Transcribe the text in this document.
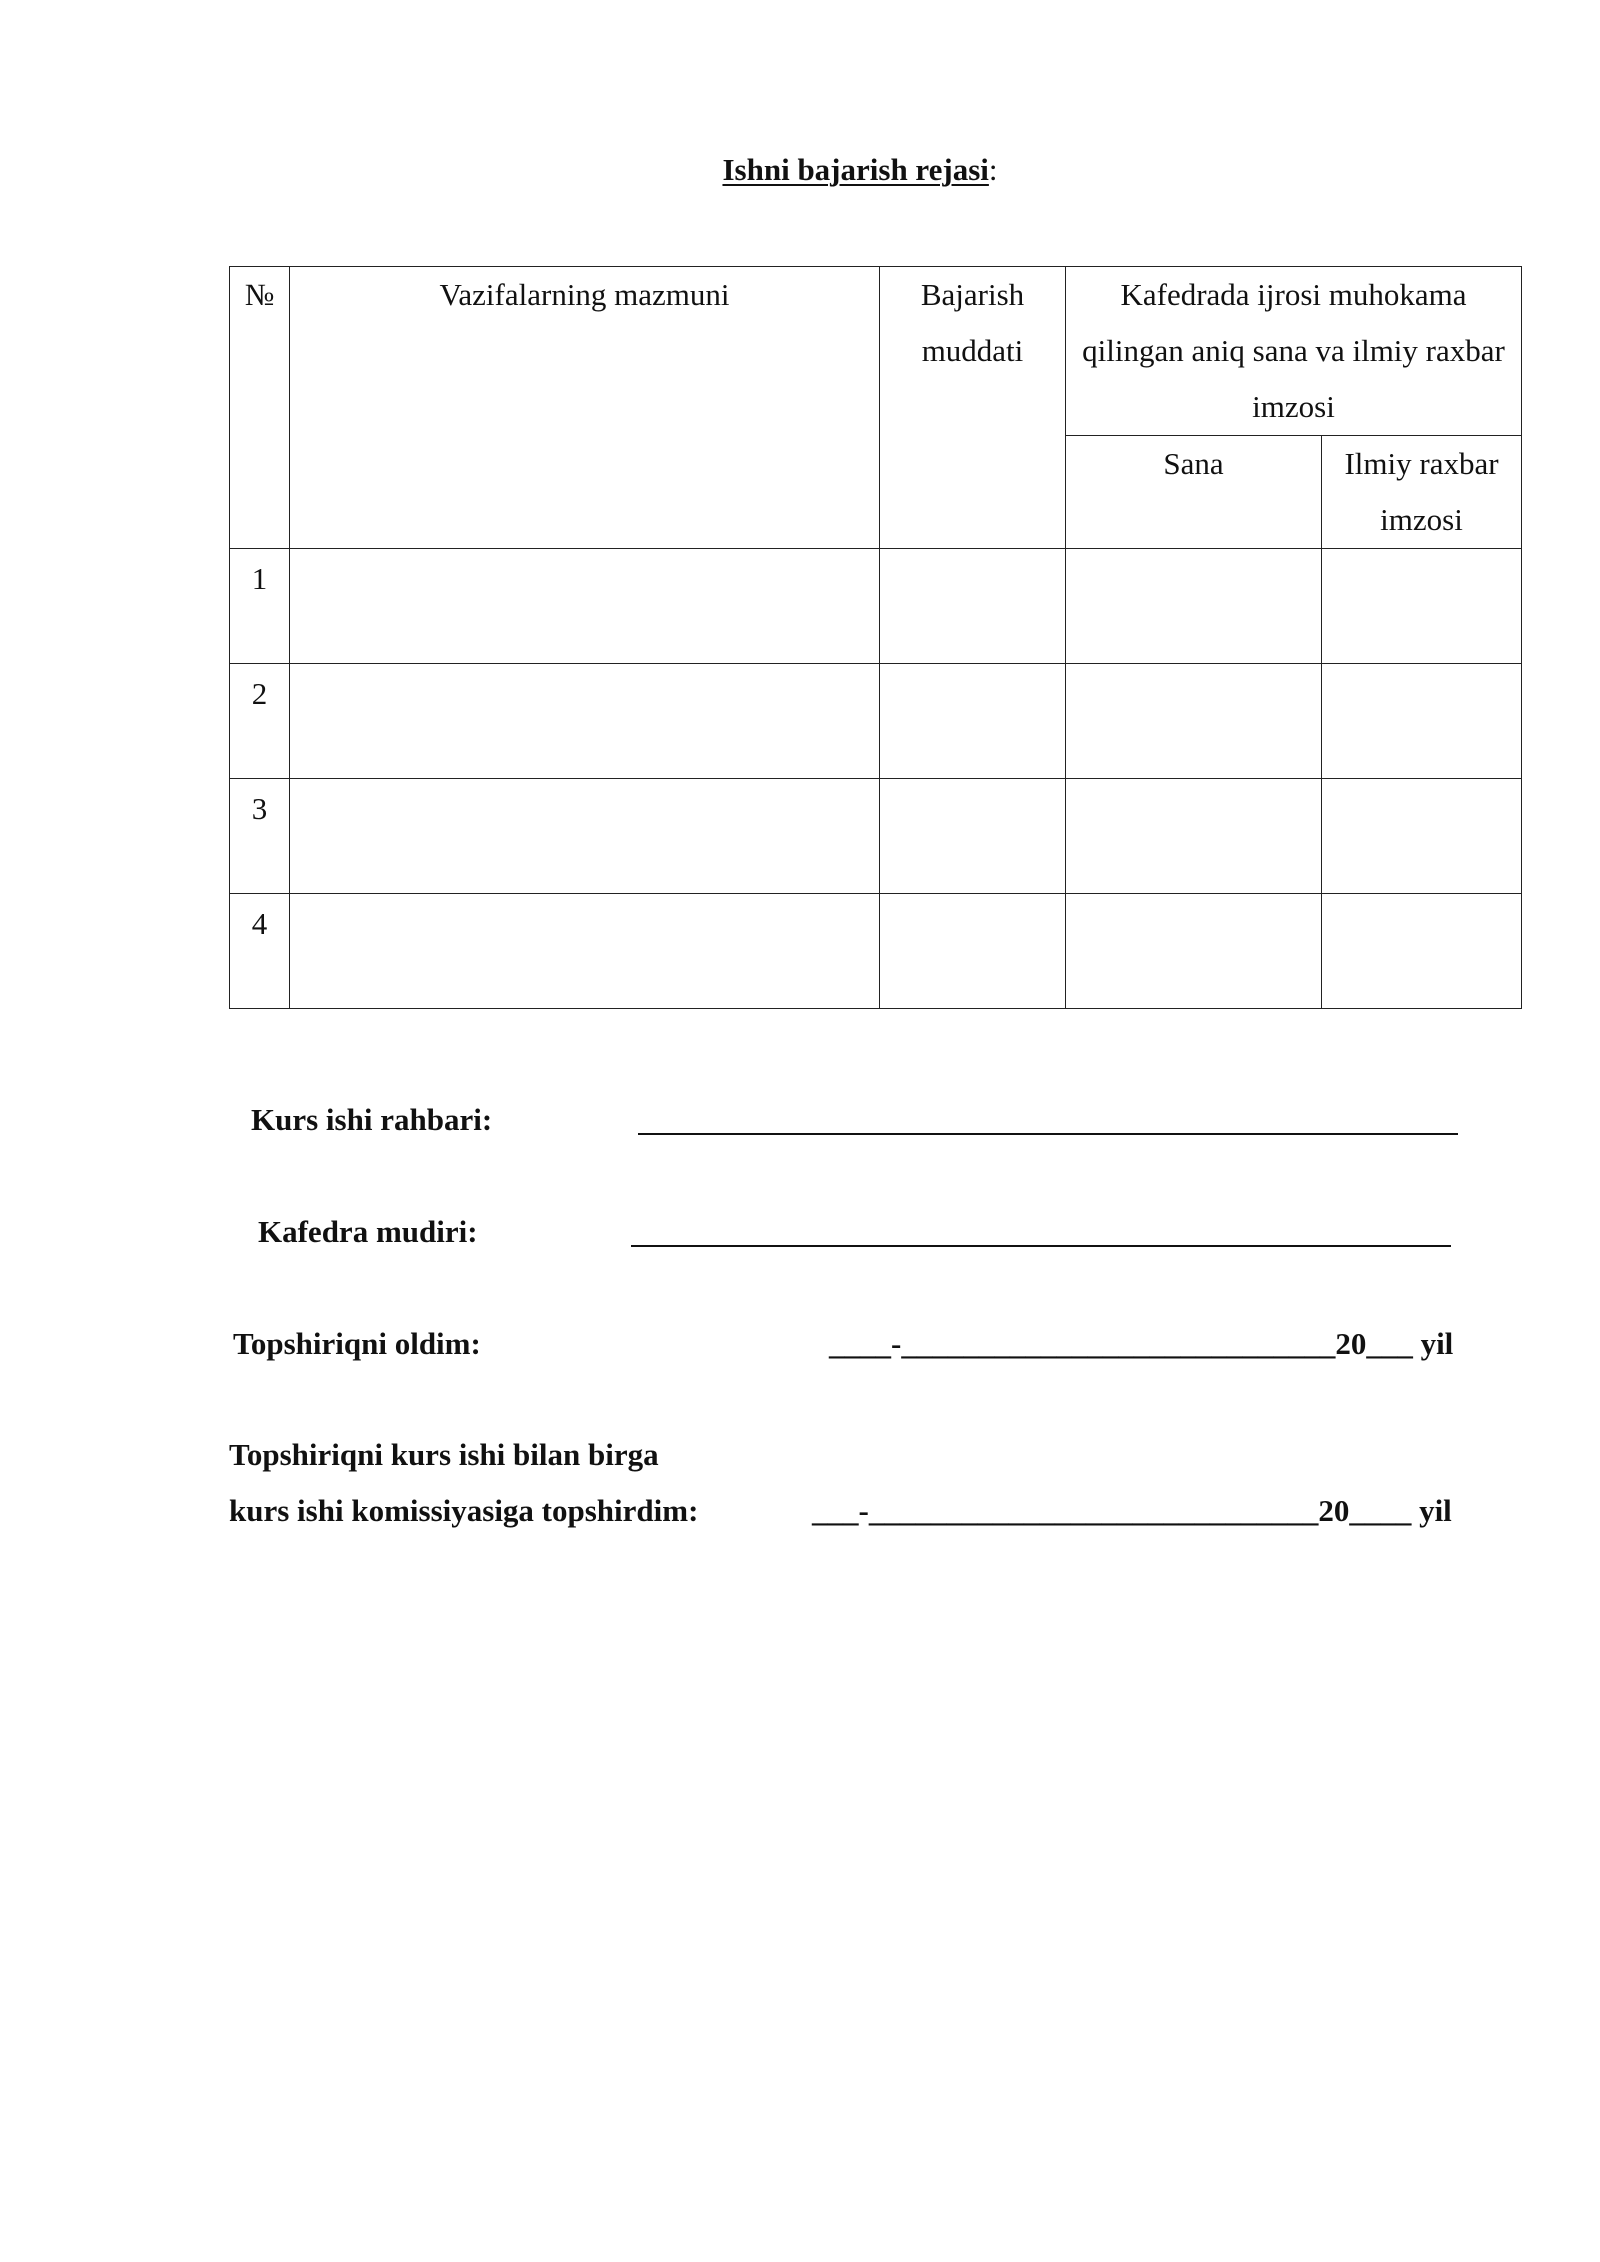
Ishni bajarish rejasi:
№	Vazifalarning mazmuni	Bajarish muddati	Kafedrada ijrosi muhokama qilingan aniq sana va ilmiy raxbar imzosi	
			Sana	Ilmiy raxbar imzosi
1				
2				
3				
4				
Kurs ishi rahbari:
Kafedra mudiri:
Topshiriqni oldim:	____-____________________________20___ yil
Topshiriqni kurs ishi bilan birga
kurs ishi komissiyasiga topshirdim:	___-_____________________________20____ yil
